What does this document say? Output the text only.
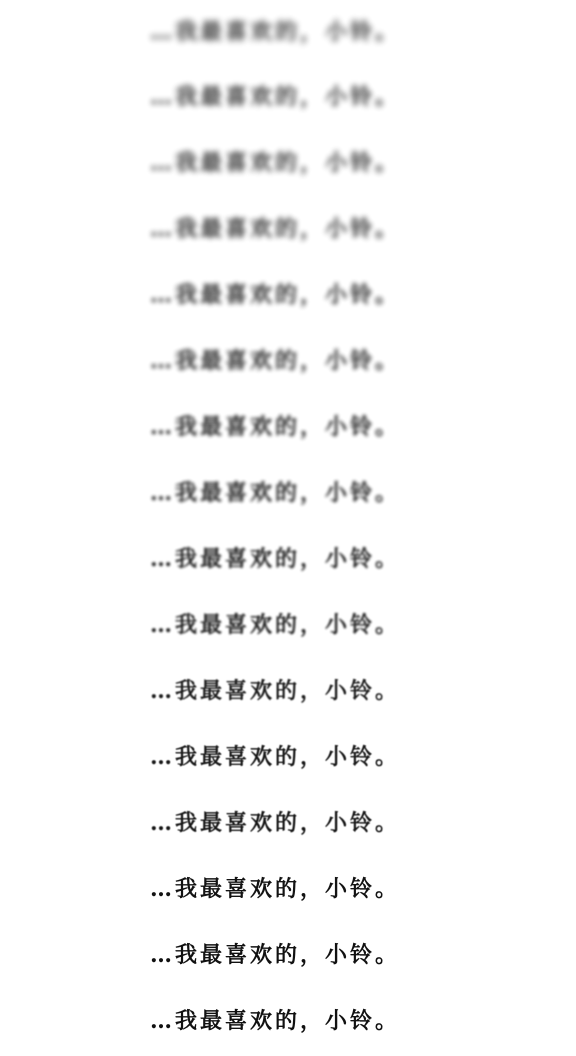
…我最喜欢的，小铃。
…我最喜欢的，小铃。
…我最喜欢的，小铃。
…我最喜欢的，小铃。
…我最喜欢的，小铃。
…我最喜欢的，小铃。
…我最喜欢的，小铃。
…我最喜欢的，小铃。
…我最喜欢的，小铃。
…我最喜欢的，小铃。
…我最喜欢的，小铃。
…我最喜欢的，小铃。
…我最喜欢的，小铃。
…我最喜欢的，小铃。
…我最喜欢的，小铃。
…我最喜欢的，小铃。
